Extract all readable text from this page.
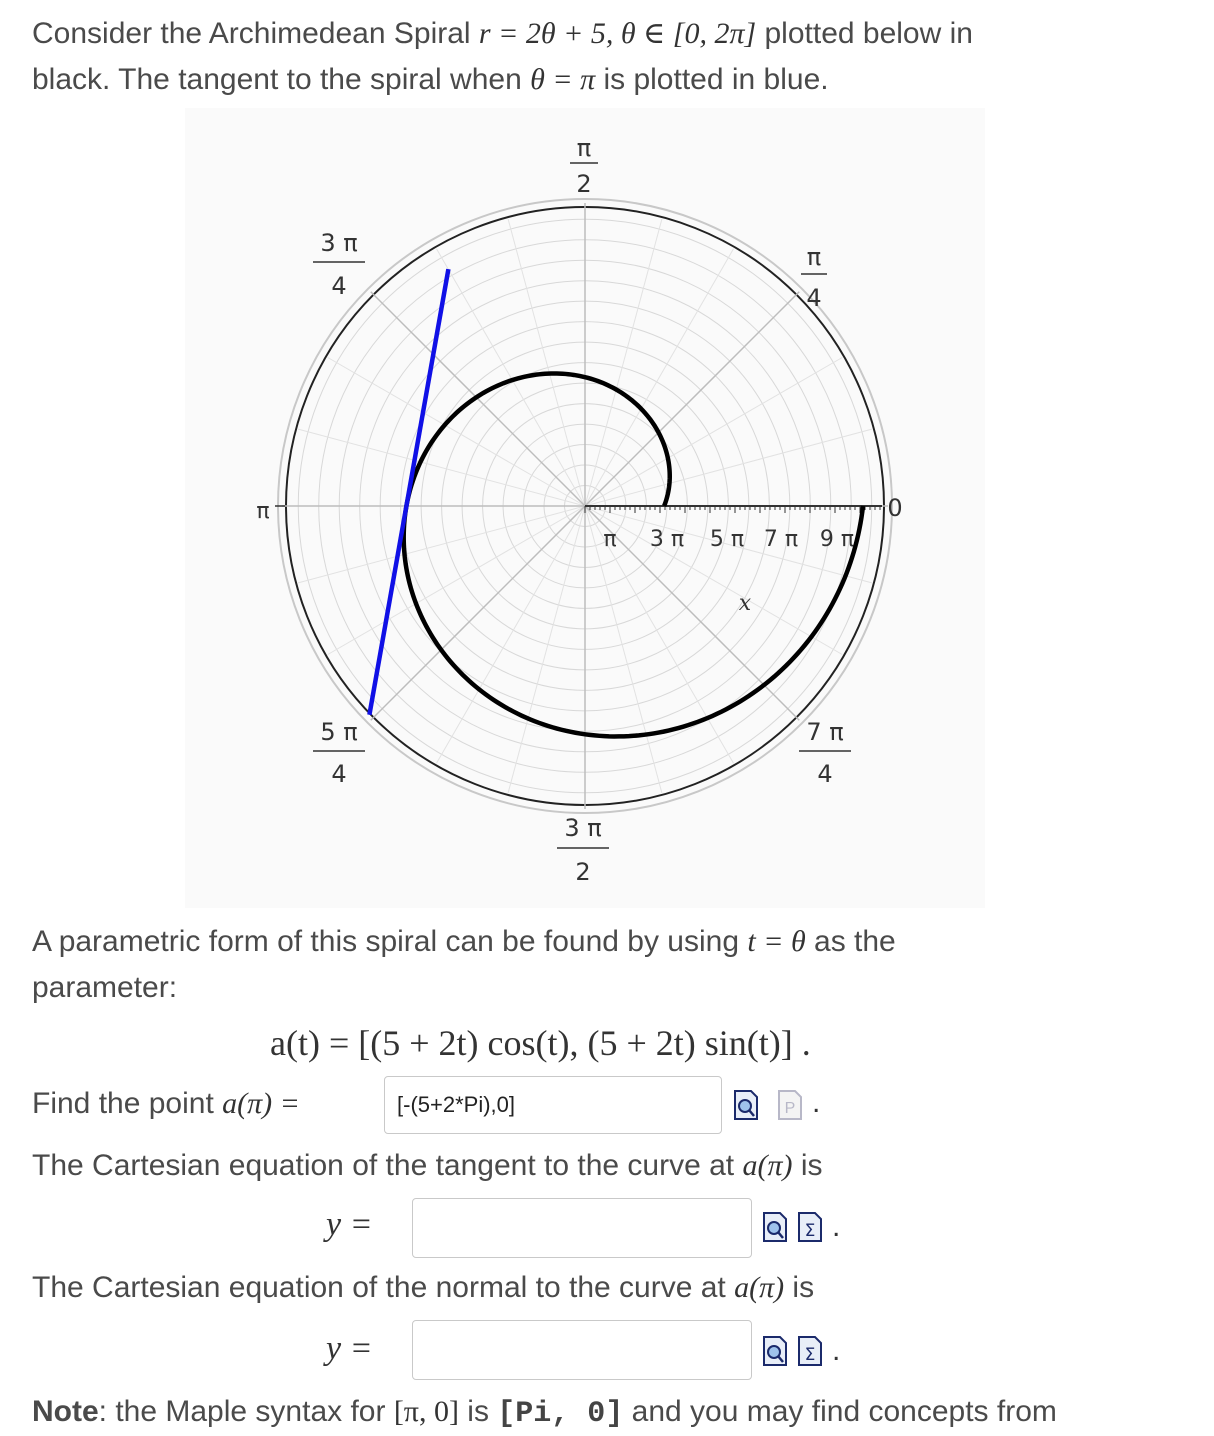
Consider the Archimedean Spiral r = 2θ + 5, θ ∈ [0, 2π] plotted below in
black. The tangent to the spiral when θ = π is plotted in blue.
π
2
3 π
4
π
4
π	0
5 π
4
7 π
4
3 π
2
π 3 π 5 π 7 π 9 π
x
A parametric form of this spiral can be found by using t = θ as the
parameter:
a(t) = [(5 + 2t) cos(t), (5 + 2t) sin(t)] .
Find the point a(π) =	[-(5+2*Pi),0]	P .
The Cartesian equation of the tangent to the curve at a(π) is
y =	Σ .
The Cartesian equation of the normal to the curve at a(π) is
y =	Σ .
Note: the Maple syntax for [π, 0] is [Pi, 0] and you may find concepts from
